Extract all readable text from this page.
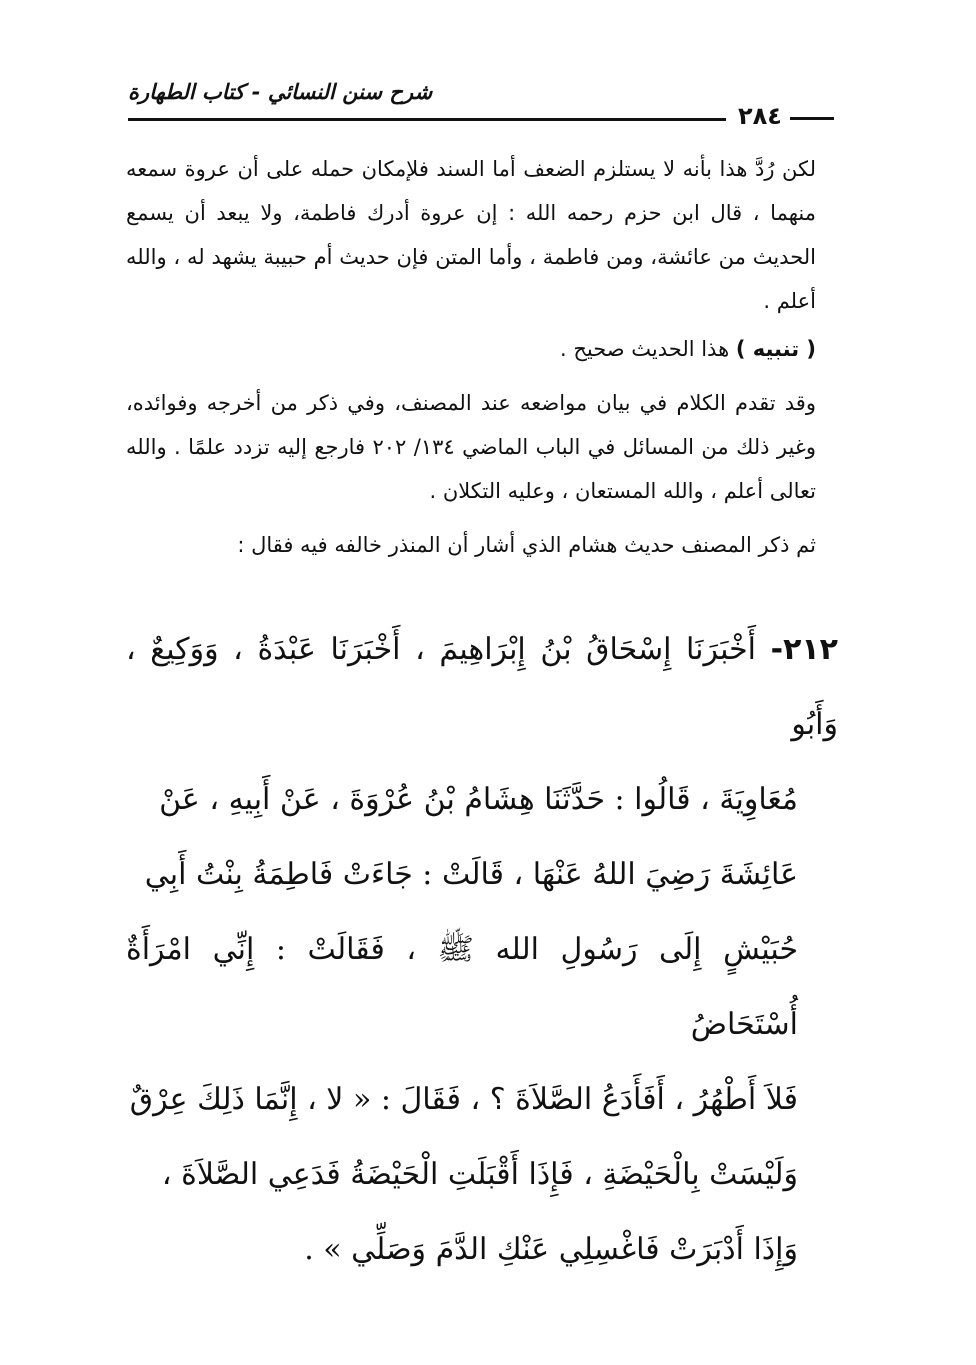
شرح سنن النسائي - كتاب الطهارة
٢٨٤

لكن رُدَّ هذا بأنه لا يستلزم الضعف أما السند فلإمكان حمله على أن عروة سمعه منهما ، قال ابن حزم رحمه الله : إن عروة أدرك فاطمة، ولا يبعد أن يسمع الحديث من عائشة، ومن فاطمة ، وأما المتن فإن حديث أم حبيبة يشهد له ، والله أعلم .

( تنبيه ) هذا الحديث صحيح .

وقد تقدم الكلام في بيان مواضعه عند المصنف، وفي ذكر من أخرجه وفوائده، وغير ذلك من المسائل في الباب الماضي ١٣٤/ ٢٠٢ فارجع إليه تزدد علمًا . والله تعالى أعلم ، والله المستعان ، وعليه التكلان .

ثم ذكر المصنف حديث هشام الذي أشار أن المنذر خالفه فيه فقال :

٢١٢- أَخْبَرَنَا إِسْحَاقُ بْنُ إِبْرَاهِيمَ ، أَخْبَرَنَا عَبْدَةُ ، وَوَكِيعٌ ، وَأَبُو

مُعَاوِيَةَ ، قَالُوا : حَدَّثَنَا هِشَامُ بْنُ عُرْوَةَ ، عَنْ أَبِيهِ ، عَنْ

عَائِشَةَ رَضِيَ اللهُ عَنْهَا ، قَالَتْ : جَاءَتْ فَاطِمَةُ بِنْتُ أَبِي

حُبَيْشٍ إِلَى رَسُولِ الله ﷺ ، فَقَالَتْ : إِنِّي امْرَأَةٌ أُسْتَحَاضُ

فَلاَ أَطْهُرُ ، أَفَأَدَعُ الصَّلاَةَ ؟ ، فَقَالَ : « لا ، إِنَّمَا ذَلِكَ عِرْقٌ

وَلَيْسَتْ بِالْحَيْضَةِ ، فَإِذَا أَقْبَلَتِ الْحَيْضَةُ فَدَعِي الصَّلاَةَ ،

وَإِذَا أَدْبَرَتْ فَاغْسِلِي عَنْكِ الدَّمَ وَصَلِّي » .
